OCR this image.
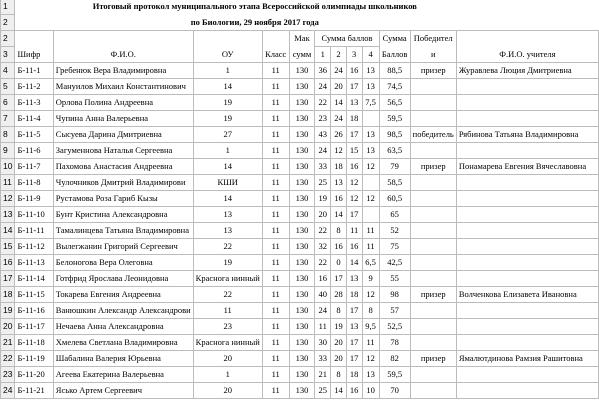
1		Итоговый протокол муниципального этапа Всероссийской олимпиады школьников										
2		по Биологии, 29 ноября 2017 года										
2					Мак	Сумма баллов				Сумма	Победител	
3	Шифр	Ф.И.О.	ОУ	Класс	сумм	1	2	3	4	Баллов	и	Ф.И.О. учителя
4	Б-11-1	Гребенюк Вера Владимировна	1	11	130	36	24	16	13	88,5	призер	Журавлева Люция Дмитриевна
5	Б-11-2	Мануилов Михаил Константинович	14	11	130	24	20	17	13	74,5		
6	Б-11-3	Орлова Полина Андреевна	19	11	130	22	14	13	7,5	56,5		
7	Б-11-4	Чупина Анна Валерьевна	19	11	130	23	24	18		59,5		
8	Б-11-5	Сысуева Дарина Дмитриевна	27	11	130	43	26	17	13	98,5	победитель	Рябинова Татьяна Владимировна
9	Б-11-6	Загуменнова Наталья Сергеевна	1	11	130	24	12	15	13	63,5		
10	Б-11-7	Пахомова Анастасия Андреевна	14	11	130	33	18	16	12	79	призер	Понамарева Евгения Вячеславовна
11	Б-11-8	Чулочников Дмитрий Владимирови	КШИ	11	130	25	13	12		58,5		
12	Б-11-9	Рустамова Роза Гариб Кызы	14	11	130	19	16	12	12	60,5		
13	Б-11-10	Бунт Кристина Александровна	13	11	130	20	14	17		65		
14	Б-11-11	Тамалинцева Татьяна Владимировна	13	11	130	22	8	11	11	52		
15	Б-11-12	Вылегжанин Григорий Сергеевич	22	11	130	32	16	16	11	75		
16	Б-11-13	Белоногова Вера Олеговна	19	11	130	22	0	14	6,5	42,5		
17	Б-11-14	Готфрид Ярослава Леонидовна	Краснога нинный	11	130	16	17	13	9	55		
18	Б-11-15	Токарева Евгения Андреевна	22	11	130	40	28	18	12	98	призер	Волченкова Елизавета Ивановна
19	Б-11-16	Ванюшкин Александр Александрови	11	11	130	24	8	17	8	57		
20	Б-11-17	Нечаева Анна Александровна	23	11	130	11	19	13	9,5	52,5		
21	Б-11-18	Хмелева Светлана Владимировна	Краснога нинный	11	130	30	20	17	11	78		
22	Б-11-19	Шабалина Валерия Юрьевна	20	11	130	33	20	17	12	82	призер	Ямалютдинова Рамзия Рашитовна
23	Б-11-20	Агеева Екатерина Валерьевна	1	11	130	21	8	18	13	59,5		
24	Б-11-21	Ясько Артем Сергеевич	20	11	130	25	14	16	10	70		
